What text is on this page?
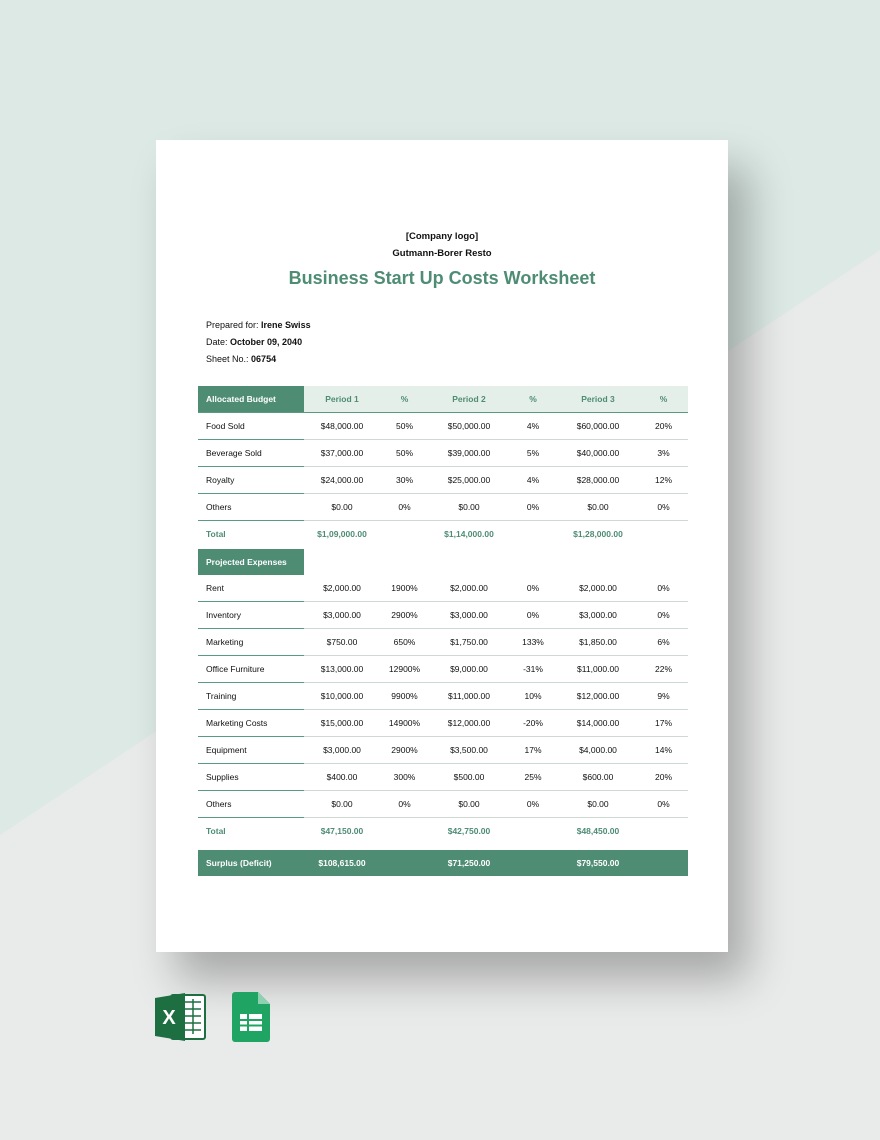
[Company logo]
Gutmann-Borer Resto
Business Start Up Costs Worksheet
Prepared for: Irene Swiss
Date: October 09, 2040
Sheet No.: 06754
Allocated Budget	Period 1	%	Period 2	%	Period 3	%
Food Sold	$48,000.00	50%	$50,000.00	4%	$60,000.00	20%
Beverage Sold	$37,000.00	50%	$39,000.00	5%	$40,000.00	3%
Royalty	$24,000.00	30%	$25,000.00	4%	$28,000.00	12%
Others	$0.00	0%	$0.00	0%	$0.00	0%
Total	$1,09,000.00		$1,14,000.00		$1,28,000.00	
Projected Expenses						
Rent	$2,000.00	1900%	$2,000.00	0%	$2,000.00	0%
Inventory	$3,000.00	2900%	$3,000.00	0%	$3,000.00	0%
Marketing	$750.00	650%	$1,750.00	133%	$1,850.00	6%
Office Furniture	$13,000.00	12900%	$9,000.00	-31%	$11,000.00	22%
Training	$10,000.00	9900%	$11,000.00	10%	$12,000.00	9%
Marketing Costs	$15,000.00	14900%	$12,000.00	-20%	$14,000.00	17%
Equipment	$3,000.00	2900%	$3,500.00	17%	$4,000.00	14%
Supplies	$400.00	300%	$500.00	25%	$600.00	20%
Others	$0.00	0%	$0.00	0%	$0.00	0%
Total	$47,150.00		$42,750.00		$48,450.00	

Surplus (Deficit)	$108,615.00		$71,250.00		$79,550.00	
X
